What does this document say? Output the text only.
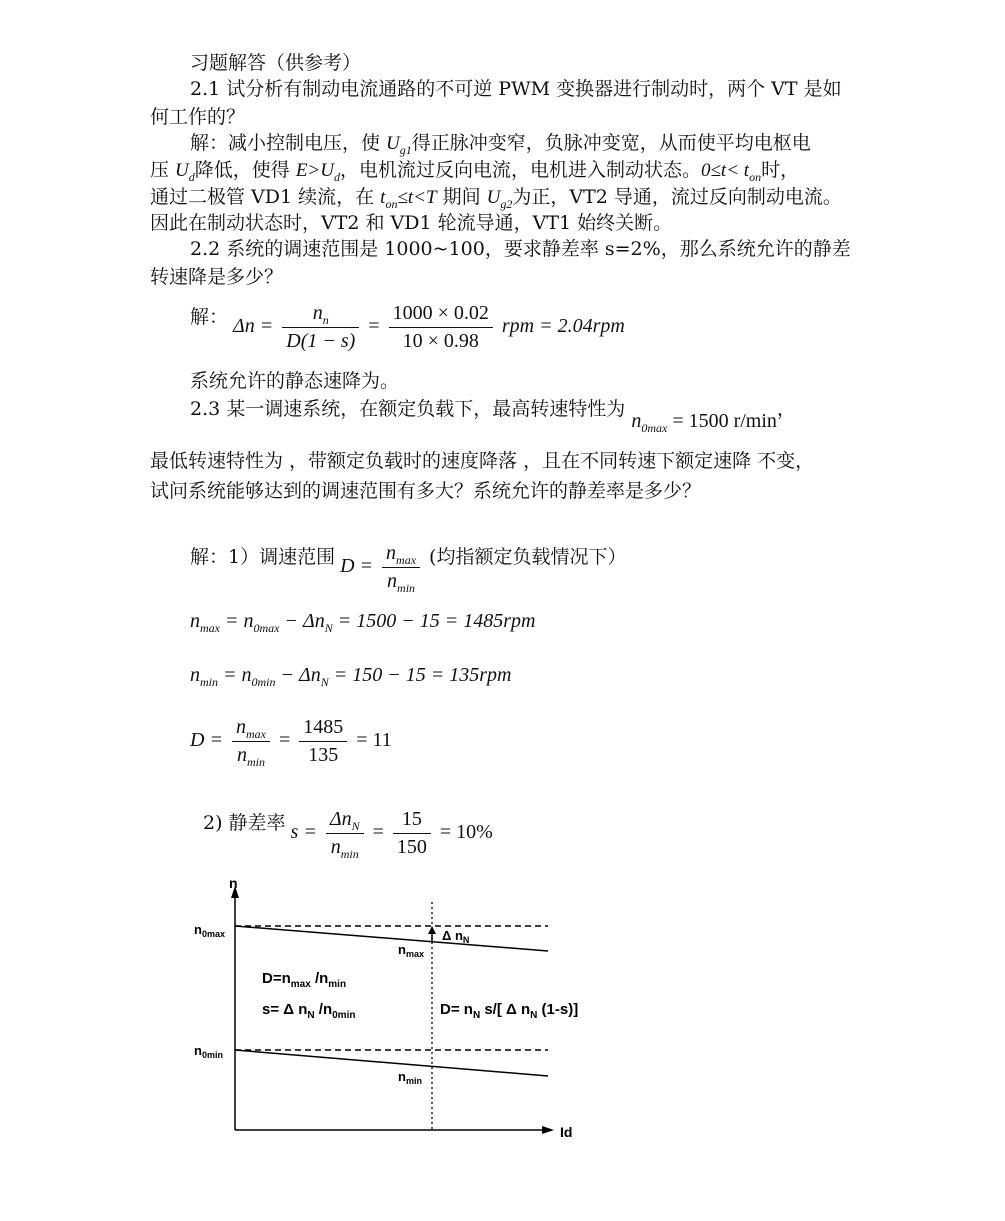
习题解答（供参考）
2.1 试分析有制动电流通路的不可逆 PWM 变换器进行制动时，两个 VT 是如
何工作的？
解：减小控制电压，使 $U_{g1}$得正脉冲变窄，负脉冲变宽，从而使平均电枢电
压 $U_d$降低，使得 $E>U_d$，电机流过反向电流，电机进入制动状态。$0\le t< t_{on}$时，
通过二极管 VD1 续流，在 $t_{on}\le t<T$ 期间 $U_{g2}$为正，VT2 导通，流过反向制动电流。
因此在制动状态时，VT2 和 VD1 轮流导通，VT1 始终关断。
2.2 系统的调速范围是 1000~100，要求静差率 s=2%，那么系统允许的静差
转速降是多少？
解： $\Delta n = \frac{n_n}{D(1 - s)} = \frac{1000 \times 0.02}{10 \times 0.98}$ rpm = 2.04rpm
系统允许的静态速降为。
2.3 某一调速系统，在额定负载下，最高转速特性为 $n_{0max} = 1500$ r/min，
最低转速特性为 ，带额定负载时的速度降落 ，且在不同转速下额定速降 不变，
试问系统能够达到的调速范围有多大？系统允许的静差率是多少？
解：1）调速范围 $D = \frac{n_{max}}{n_{min}}$ (均指额定负载情况下）
$n_{max} = n_{0max} - \Delta n_N = 1500 - 15 = 1485rpm$
$n_{min} = n_{0min} - \Delta n_N = 150 - 15 = 135rpm$
$D = \frac{n_{max}}{n_{min}} = \frac{1485}{135} = 11$
2) 静差率 $s = \frac{\Delta n_N}{n_{min}} = \frac{15}{150} = 10\%$
n
Id
$n_{0max}$
$n_{0min}$
$n_{max}$
$n_{min}$
Δ $n_N$
$D=n_{max}$ $/n_{min}$
s= Δ $n_N$ $/n_{0min}$	$D= n_N$ s/[ Δ $n_N$ (1-s)]
